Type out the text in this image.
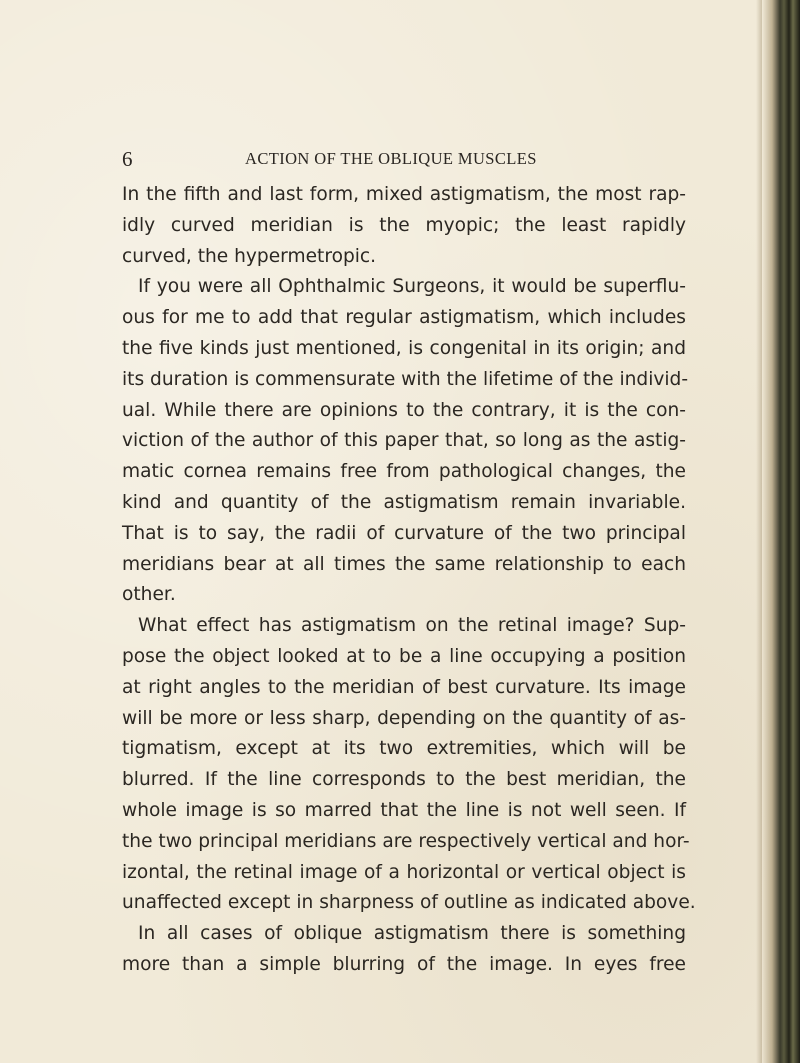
6	ACTION OF THE OBLIQUE MUSCLES
In the fifth and last form, mixed astigmatism, the most rap-
idly curved meridian is the myopic; the least rapidly
curved, the hypermetropic.
If you were all Ophthalmic Surgeons, it would be superflu-
ous for me to add that regular astigmatism, which includes
the five kinds just mentioned, is congenital in its origin; and
its duration is commensurate with the lifetime of the individ-
ual. While there are opinions to the contrary, it is the con-
viction of the author of this paper that, so long as the astig-
matic cornea remains free from pathological changes, the
kind and quantity of the astigmatism remain invariable.
That is to say, the radii of curvature of the two principal
meridians bear at all times the same relationship to each
other.
What effect has astigmatism on the retinal image? Sup-
pose the object looked at to be a line occupying a position
at right angles to the meridian of best curvature. Its image
will be more or less sharp, depending on the quantity of as-
tigmatism, except at its two extremities, which will be
blurred. If the line corresponds to the best meridian, the
whole image is so marred that the line is not well seen. If
the two principal meridians are respectively vertical and hor-
izontal, the retinal image of a horizontal or vertical object is
unaffected except in sharpness of outline as indicated above.
In all cases of oblique astigmatism there is something
more than a simple blurring of the image. In eyes free
